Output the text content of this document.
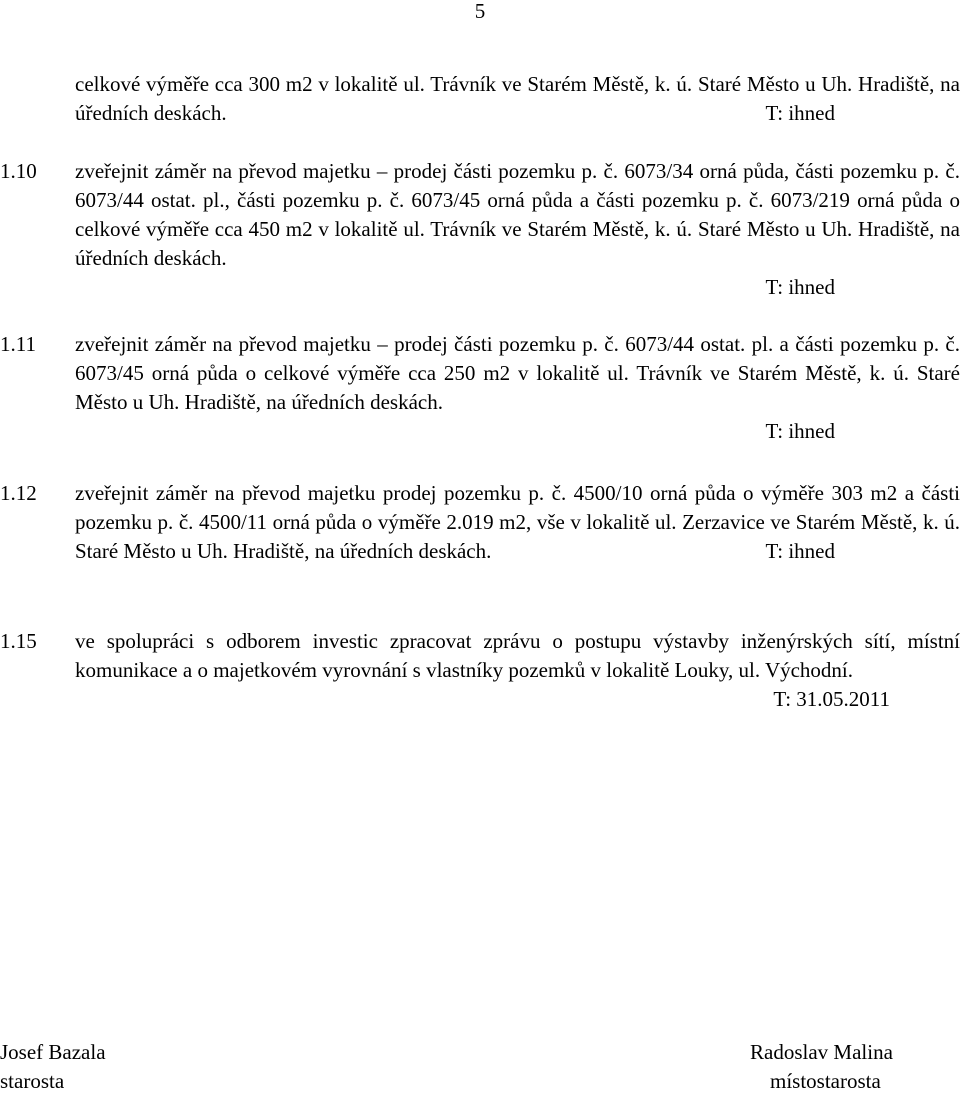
5
celkové výměře cca 300 m2 v lokalitě ul. Trávník ve Starém Městě, k. ú. Staré Město u Uh. Hradiště, na úředních deskách.	T: ihned
1.10	zveřejnit záměr na převod majetku – prodej části pozemku p. č. 6073/34 orná půda, části pozemku p. č. 6073/44 ostat. pl., části pozemku p. č. 6073/45 orná půda a části pozemku p. č. 6073/219 orná půda o celkové výměře cca 450 m2 v lokalitě ul. Trávník ve Starém Městě, k. ú. Staré Město u Uh. Hradiště, na úředních deskách.
T: ihned
1.11	zveřejnit záměr na převod majetku – prodej části pozemku p. č. 6073/44 ostat. pl. a části pozemku p. č. 6073/45 orná půda o celkové výměře cca 250 m2 v lokalitě ul. Trávník ve Starém Městě, k. ú. Staré Město u Uh. Hradiště, na úředních deskách.
T: ihned
1.12	zveřejnit záměr na převod majetku prodej pozemku p. č. 4500/10 orná půda o výměře 303 m2 a části pozemku p. č. 4500/11 orná půda o výměře 2.019 m2, vše v lokalitě ul. Zerzavice ve Starém Městě, k. ú. Staré Město u Uh. Hradiště, na úředních deskách.	T: ihned
1.15	ve spolupráci s odborem investic zpracovat zprávu o postupu výstavby inženýrských sítí, místní komunikace a o majetkovém vyrovnání s vlastníky pozemků v lokalitě Louky, ul. Východní.
T: 31.05.2011
Josef Bazala
starosta
Radoslav Malina
místostarosta
